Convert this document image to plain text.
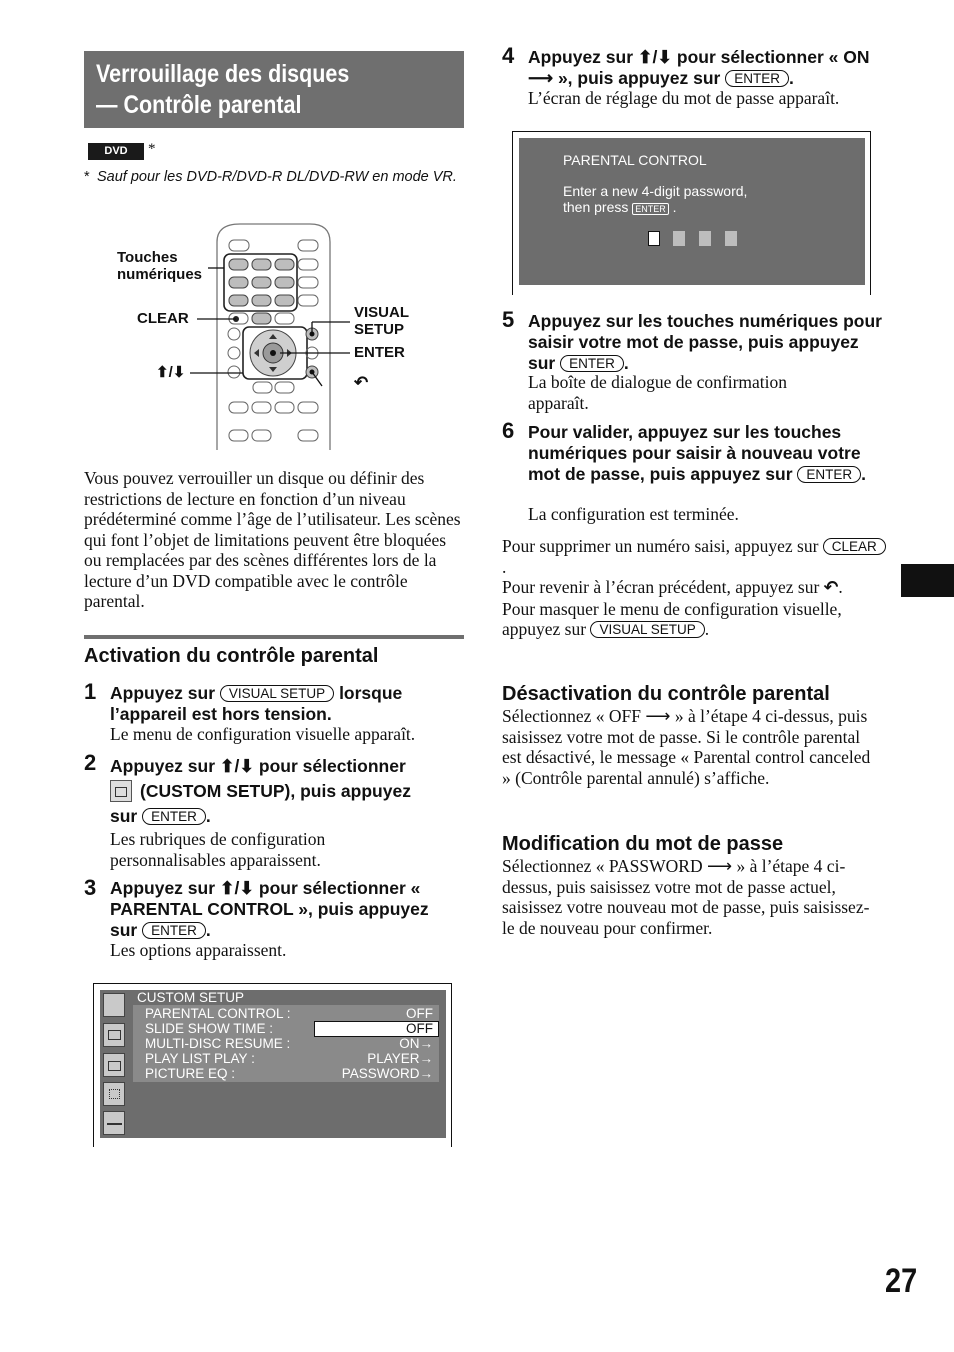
Verrouillage des disques
— Contrôle parental
DVD	*
* Sauf pour les DVD-R/DVD-R DL/DVD-RW en mode VR.
Touches
numériques
CLEAR
⬆/⬇
VISUAL
SETUP
ENTER
↶

Vous pouvez verrouiller un disque ou définir des restrictions de lecture en fonction d’un niveau prédéterminé comme l’âge de l’utilisateur. Les scènes qui font l’objet de limitations peuvent être bloquées ou remplacées par des scènes différentes lors de la lecture d’un DVD compatible avec le contrôle parental.

Activation du contrôle parental
1 Appuyez sur VISUAL SETUP lorsque l’appareil est hors tension.
Le menu de configuration visuelle apparaît.
2 Appuyez sur ⬆/⬇ pour sélectionner
(CUSTOM SETUP), puis appuyez
sur ENTER .
Les rubriques de configuration personnalisables apparaissent.
3 Appuyez sur ⬆/⬇ pour sélectionner « PARENTAL CONTROL », puis appuyez sur ENTER .
Les options apparaissent.
CUSTOM SETUP
PARENTAL CONTROL :	OFF
SLIDE SHOW TIME :	OFF
MULTI-DISC RESUME :	ON→
PLAY LIST PLAY :	PLAYER→
PICTURE EQ :	PASSWORD→
4 Appuyez sur ⬆/⬇ pour sélectionner « ON ⟶ », puis appuyez sur ENTER .
L’écran de réglage du mot de passe apparaît.
PARENTAL CONTROL
Enter a new 4-digit password,
then press ENTER .
5 Appuyez sur les touches numériques pour saisir votre mot de passe, puis appuyez sur ENTER .
La boîte de dialogue de confirmation apparaît.
6 Pour valider, appuyez sur les touches numériques pour saisir à nouveau votre mot de passe, puis appuyez sur ENTER .
La configuration est terminée.
Pour supprimer un numéro saisi, appuyez sur CLEAR.
Pour revenir à l’écran précédent, appuyez sur ↶.
Pour masquer le menu de configuration visuelle, appuyez sur VISUAL SETUP .
Désactivation du contrôle parental

Sélectionnez « OFF ⟶ » à l’étape 4 ci-dessus, puis saisissez votre mot de passe. Si le contrôle parental est désactivé, le message « Parental control canceled » (Contrôle parental annulé) s’affiche.

Modification du mot de passe

Sélectionnez « PASSWORD ⟶ » à l’étape 4 ci-dessus, puis saisissez votre mot de passe actuel, saisissez votre nouveau mot de passe, puis saisissez-le de nouveau pour confirmer.

27
